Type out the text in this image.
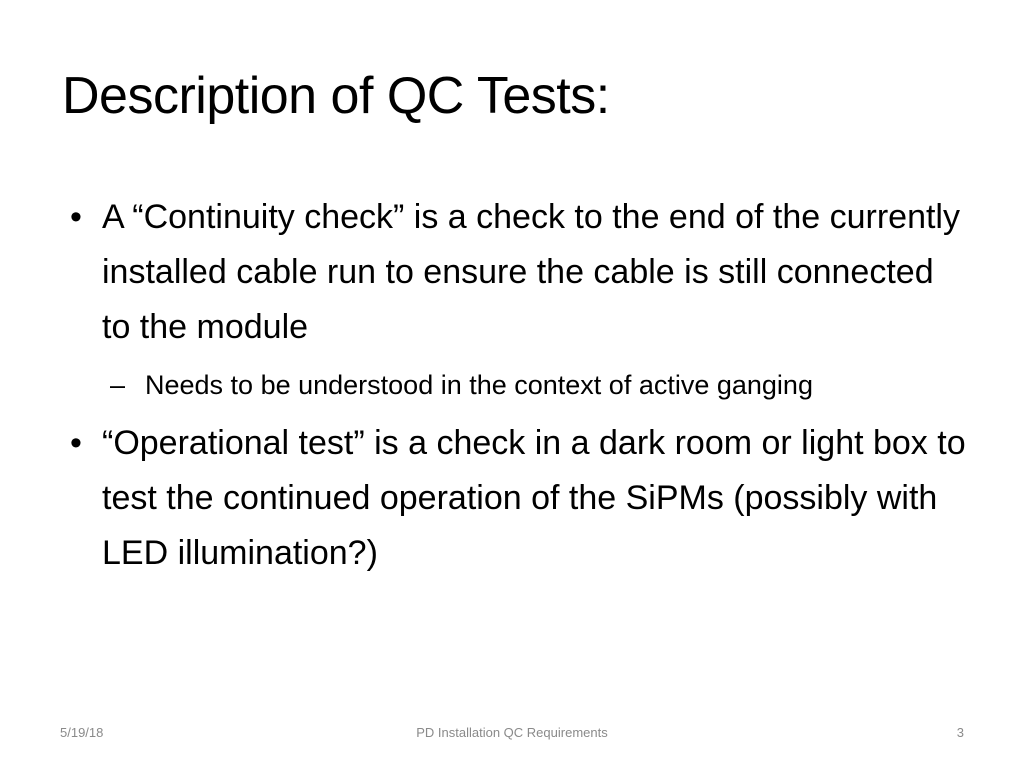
Description of QC Tests:
• A “Continuity check” is a check to the end of the currently installed cable run to ensure the cable is still connected to the module
– Needs to be understood in the context of active ganging
• “Operational test” is a check in a dark room or light box to test the continued operation of the SiPMs (possibly with LED illumination?)
5/19/18	PD Installation QC Requirements	3
